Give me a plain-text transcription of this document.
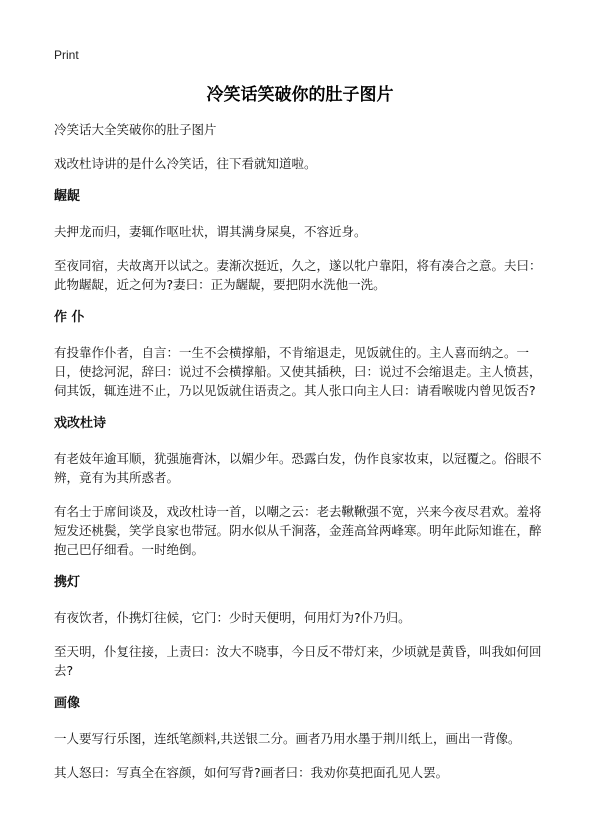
Print
冷笑话笑破你的肚子图片

冷笑话大全笑破你的肚子图片

戏改杜诗讲的是什么冷笑话，往下看就知道啦。

龌龊

夫押龙而归，妻辄作呕吐状，谓其满身屎臭，不容近身。

至夜同宿，夫故离开以试之。妻渐次挺近，久之，遂以牝户靠阳，将有凑合之意。夫曰：此物龌龊，近之何为?妻曰：正为龌龊，要把阴水洗他一洗。

作 仆

有投靠作仆者，自言：一生不会横撑船，不肯缩退走，见饭就住的。主人喜而纳之。一日，使捻河泥，辞曰：说过不会横撑船。又使其插秧，曰：说过不会缩退走。主人愤甚，伺其饭，辄连进不止，乃以见饭就住语责之。其人张口向主人曰：请看喉咙内曾见饭否?

戏改杜诗

有老妓年逾耳顺，犹强施膏沐，以媚少年。恐露白发，伪作良家妆束，以冠覆之。俗眼不辨，竟有为其所惑者。

有名士于席间谈及，戏改杜诗一首，以嘲之云：老去鞦鞦强不宽，兴来今夜尽君欢。羞将短发还桃鬓，笑学良家也带冠。阴水似从千涧落，金莲高耸两峰寒。明年此际知谁在，醉抱己巴仔细看。一时绝倒。

携灯

有夜饮者，仆携灯往候，它门：少时天便明，何用灯为?仆乃归。

至天明，仆复往接，上责曰：汝大不晓事，今日反不带灯来，少顷就是黄昏，叫我如何回去?

画像

一人要写行乐图，连纸笔颜料,共送银二分。画者乃用水墨于荆川纸上，画出一背像。

其人怒曰：写真全在容颜，如何写背?画者曰：我劝你莫把面孔见人罢。
